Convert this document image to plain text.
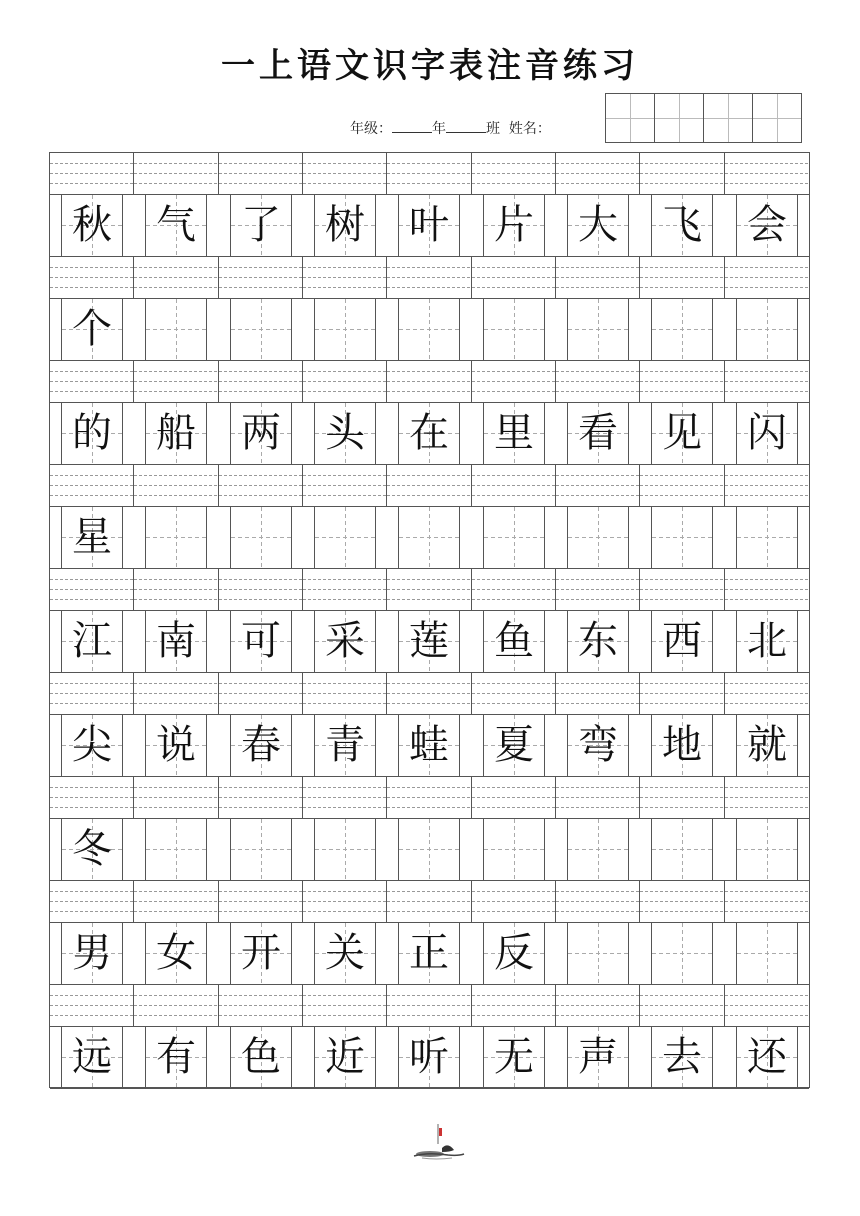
一上语文识字表注音练习
年级：	年	班 姓名：
秋 气 了 树 叶 片 大 飞 会
个
的 船 两 头 在 里 看 见 闪
星
江 南 可 采 莲 鱼 东 西 北
尖 说 春 青 蛙 夏 弯 地 就
冬
男 女 开 关 正 反
远 有 色 近 听 无 声 去 还
